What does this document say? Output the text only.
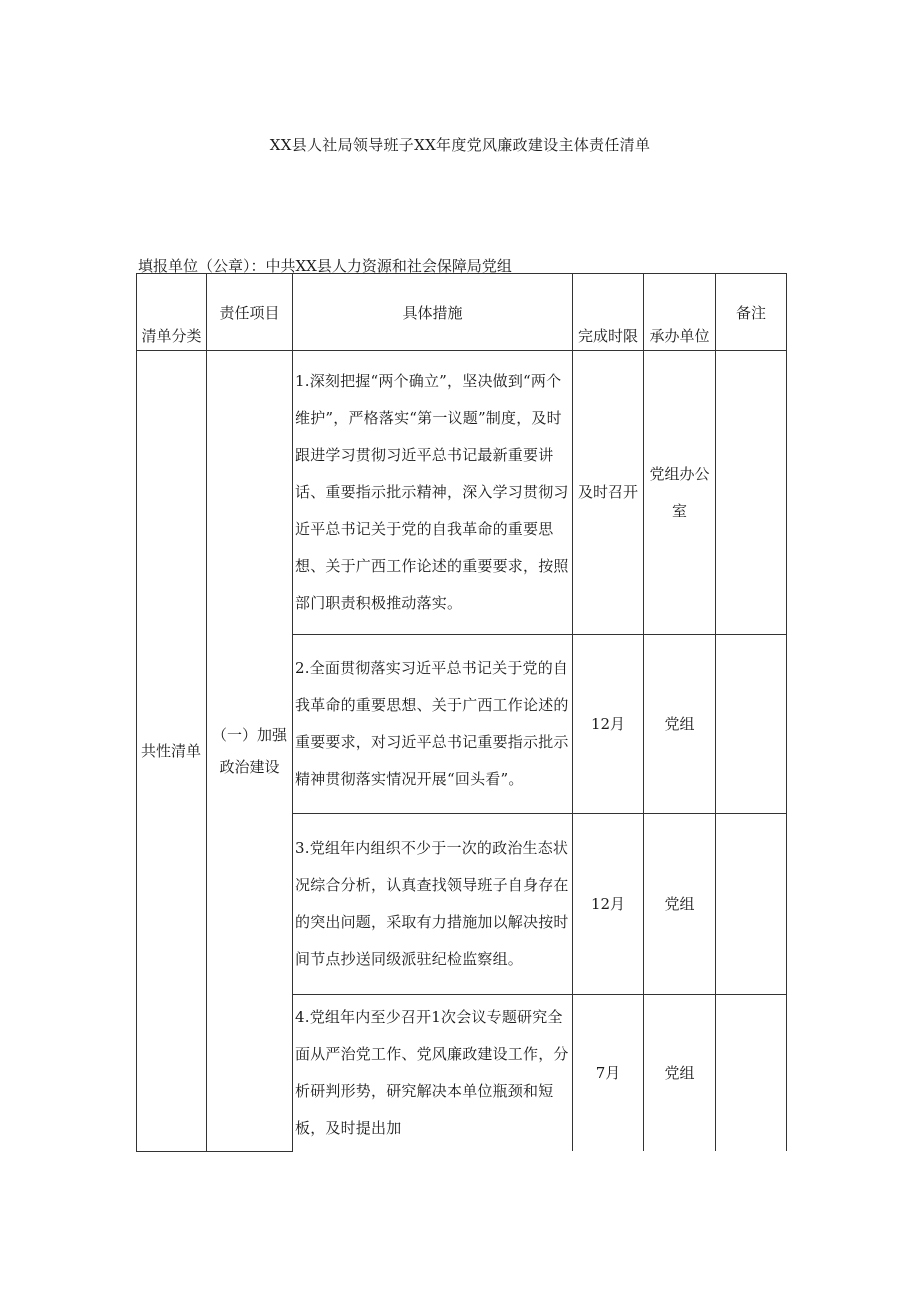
XX县人社局领导班子XX年度党风廉政建设主体责任清单
填报单位（公章）：中共XX县人力资源和社会保障局党组
清单分类	责任项目	具体措施	完成时限	承办单位	备注
共性清单	（一）加强政治建设	1.深刻把握“两个确立”，坚决做到“两个维护”，严格落实“第一议题”制度，及时跟进学习贯彻习近平总书记最新重要讲话、重要指示批示精神，深入学习贯彻习近平总书记关于党的自我革命的重要思想、关于广西工作论述的重要要求，按照部门职责积极推动落实。	及时召开	党组办公室	
		2.全面贯彻落实习近平总书记关于党的自我革命的重要思想、关于广西工作论述的重要要求，对习近平总书记重要指示批示精神贯彻落实情况开展“回头看”。	12月	党组	
		3.党组年内组织不少于一次的政治生态状况综合分析，认真查找领导班子自身存在的突出问题，采取有力措施加以解决按时间节点抄送同级派驻纪检监察组。	12月	党组	
		4.党组年内至少召开1次会议专题研究全面从严治党工作、党风廉政建设工作，分析研判形势，研究解决本单位瓶颈和短板，及时提出加	7月	党组	
